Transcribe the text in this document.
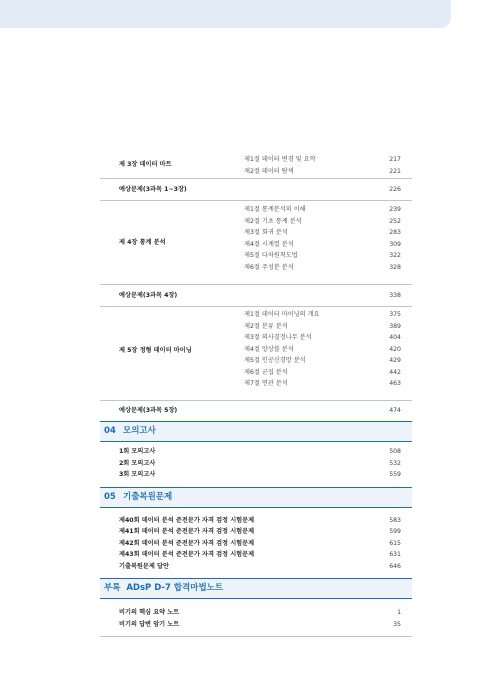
제 3장 데이터 마트
제1절 데이터 변경 및 요약	217
제2절 데이터 탐색	221
예상문제(3과목 1~3장)	226
제 4장 통계 분석
제1절 통계분석의 이해	239
제2절 기초 통계 분석	252
제3절 회귀 분석	283
제4절 시계열 분석	309
제5절 다차원척도법	322
제6절 주성분 분석	328
예상문제(3과목 4장)	338
제 5장 정형 데이터 마이닝
제1절 데이터 마이닝의 개요	375
제2절 분류 분석	389
제3절 의사결정나무 분석	404
제4절 앙상블 분석	420
제5절 인공신경망 분석	429
제6절 군집 분석	442
제7절 연관 분석	463
예상문제(3과목 5장)	474
04 모의고사
1회 모의고사	508
2회 모의고사	532
3회 모의고사	559
05 기출복원문제
제40회 데이터 분석 준전문가 자격 검정 시험문제	583
제41회 데이터 분석 준전문가 자격 검정 시험문제	599
제42회 데이터 분석 준전문가 자격 검정 시험문제	615
제43회 데이터 분석 준전문가 자격 검정 시험문제	631
기출복원문제 답안	646
부록  ADsP D-7 합격마법노트
비기의 핵심 요약 노트	1
비기의 답변 암기 노트	35
